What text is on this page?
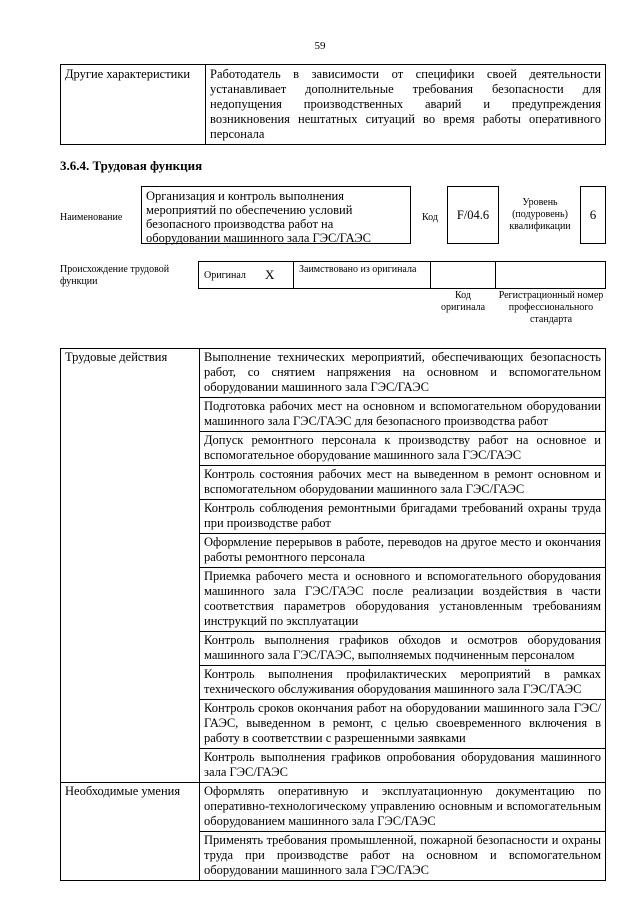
59
Другие характеристики	Работодатель в зависимости от специфики своей деятельности устанавливает дополнительные требования безопасности для недопущения производственных аварий и предупреждения возникновения нештатных ситуаций во время работы оперативного персонала
3.6.4. Трудовая функция
Наименование
Организация и контроль выполнения мероприятий по обеспечению условий безопасного производства работ на оборудовании машинного зала ГЭС/ГАЭС
Код F/04.6
Уровень (подуровень) квалификации
6
Происхождение трудовой функции
Оригинал X Заимствовано из оригинала
Код оригинала
Регистрационный номер профессионального стандарта
Трудовые действия	Выполнение технических мероприятий, обеспечивающих безопасность работ, со снятием напряжения на основном и вспомогательном оборудовании машинного зала ГЭС/ГАЭС
	Подготовка рабочих мест на основном и вспомогательном оборудовании машинного зала ГЭС/ГАЭС для безопасного производства работ
	Допуск ремонтного персонала к производству работ на основное и вспомогательное оборудование машинного зала ГЭС/ГАЭС
	Контроль состояния рабочих мест на выведенном в ремонт основном и вспомогательном оборудовании машинного зала ГЭС/ГАЭС
	Контроль соблюдения ремонтными бригадами требований охраны труда при производстве работ
	Оформление перерывов в работе, переводов на другое место и окончания работы ремонтного персонала
	Приемка рабочего места и основного и вспомогательного оборудования машинного зала ГЭС/ГАЭС после реализации воздействия в части соответствия параметров оборудования установленным требованиям инструкций по эксплуатации
	Контроль выполнения графиков обходов и осмотров оборудования машинного зала ГЭС/ГАЭС, выполняемых подчиненным персоналом
	Контроль выполнения профилактических мероприятий в рамках технического обслуживания оборудования машинного зала ГЭС/ГАЭС
	Контроль сроков окончания работ на оборудовании машинного зала ГЭС/ГАЭС, выведенном в ремонт, с целью своевременного включения в работу в соответствии с разрешенными заявками
	Контроль выполнения графиков опробования оборудования машинного зала ГЭС/ГАЭС
Необходимые умения	Оформлять оперативную и эксплуатационную документацию по оперативно-технологическому управлению основным и вспомогательным оборудованием машинного зала ГЭС/ГАЭС
	Применять требования промышленной, пожарной безопасности и охраны труда при производстве работ на основном и вспомогательном оборудовании машинного зала ГЭС/ГАЭС
